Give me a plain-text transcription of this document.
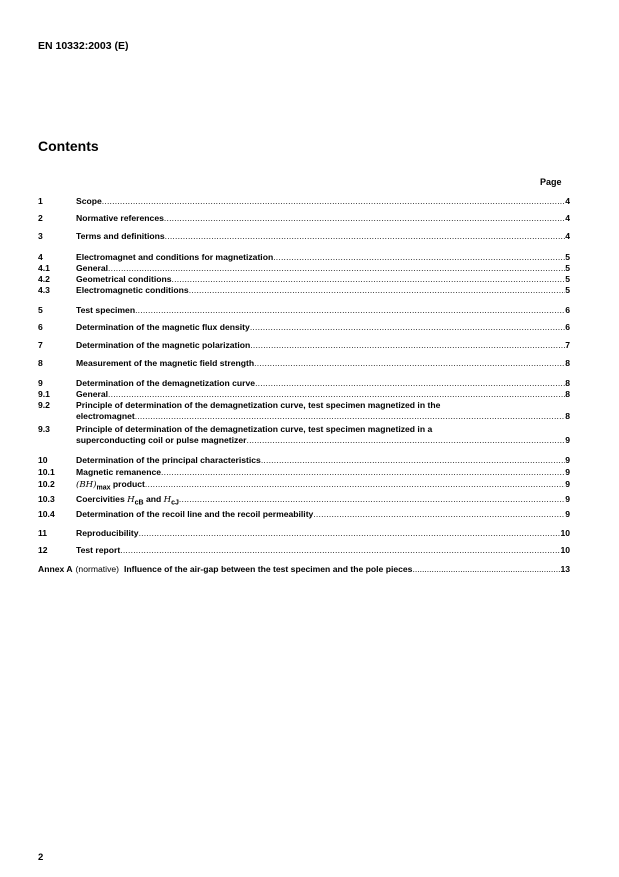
EN 10332:2003 (E)
Contents
Page
1	Scope .....	4
2	Normative references .....	4
3	Terms and definitions .....	4
4	Electromagnet and conditions for magnetization .....	5
4.1	General .....	5
4.2	Geometrical conditions .....	5
4.3	Electromagnetic conditions .....	5
5	Test specimen .....	6
6	Determination of the magnetic flux density .....	6
7	Determination of the magnetic polarization .....	7
8	Measurement of the magnetic field strength .....	8
9	Determination of the demagnetization curve .....	8
9.1	General .....	8
9.2	Principle of determination of the demagnetization curve, test specimen magnetized in the
electromagnet .....	8
9.3	Principle of determination of the demagnetization curve, test specimen magnetized in a
superconducting coil or pulse magnetizer .....	9
10	Determination of the principal characteristics .....	9
10.1 Magnetic remanence .....	9
10.2 $(BH)_{max}$ product .....	9
10.3 Coercivities $H_{cB}$ and $H_{cJ}$ .....	9
10.4 Determination of the recoil line and the recoil permeability .....	9
11	Reproducibility .....	10
12	Test report .....	10
Annex A (normative) Influence of the air-gap between the test specimen and the pole pieces .....	13
2
